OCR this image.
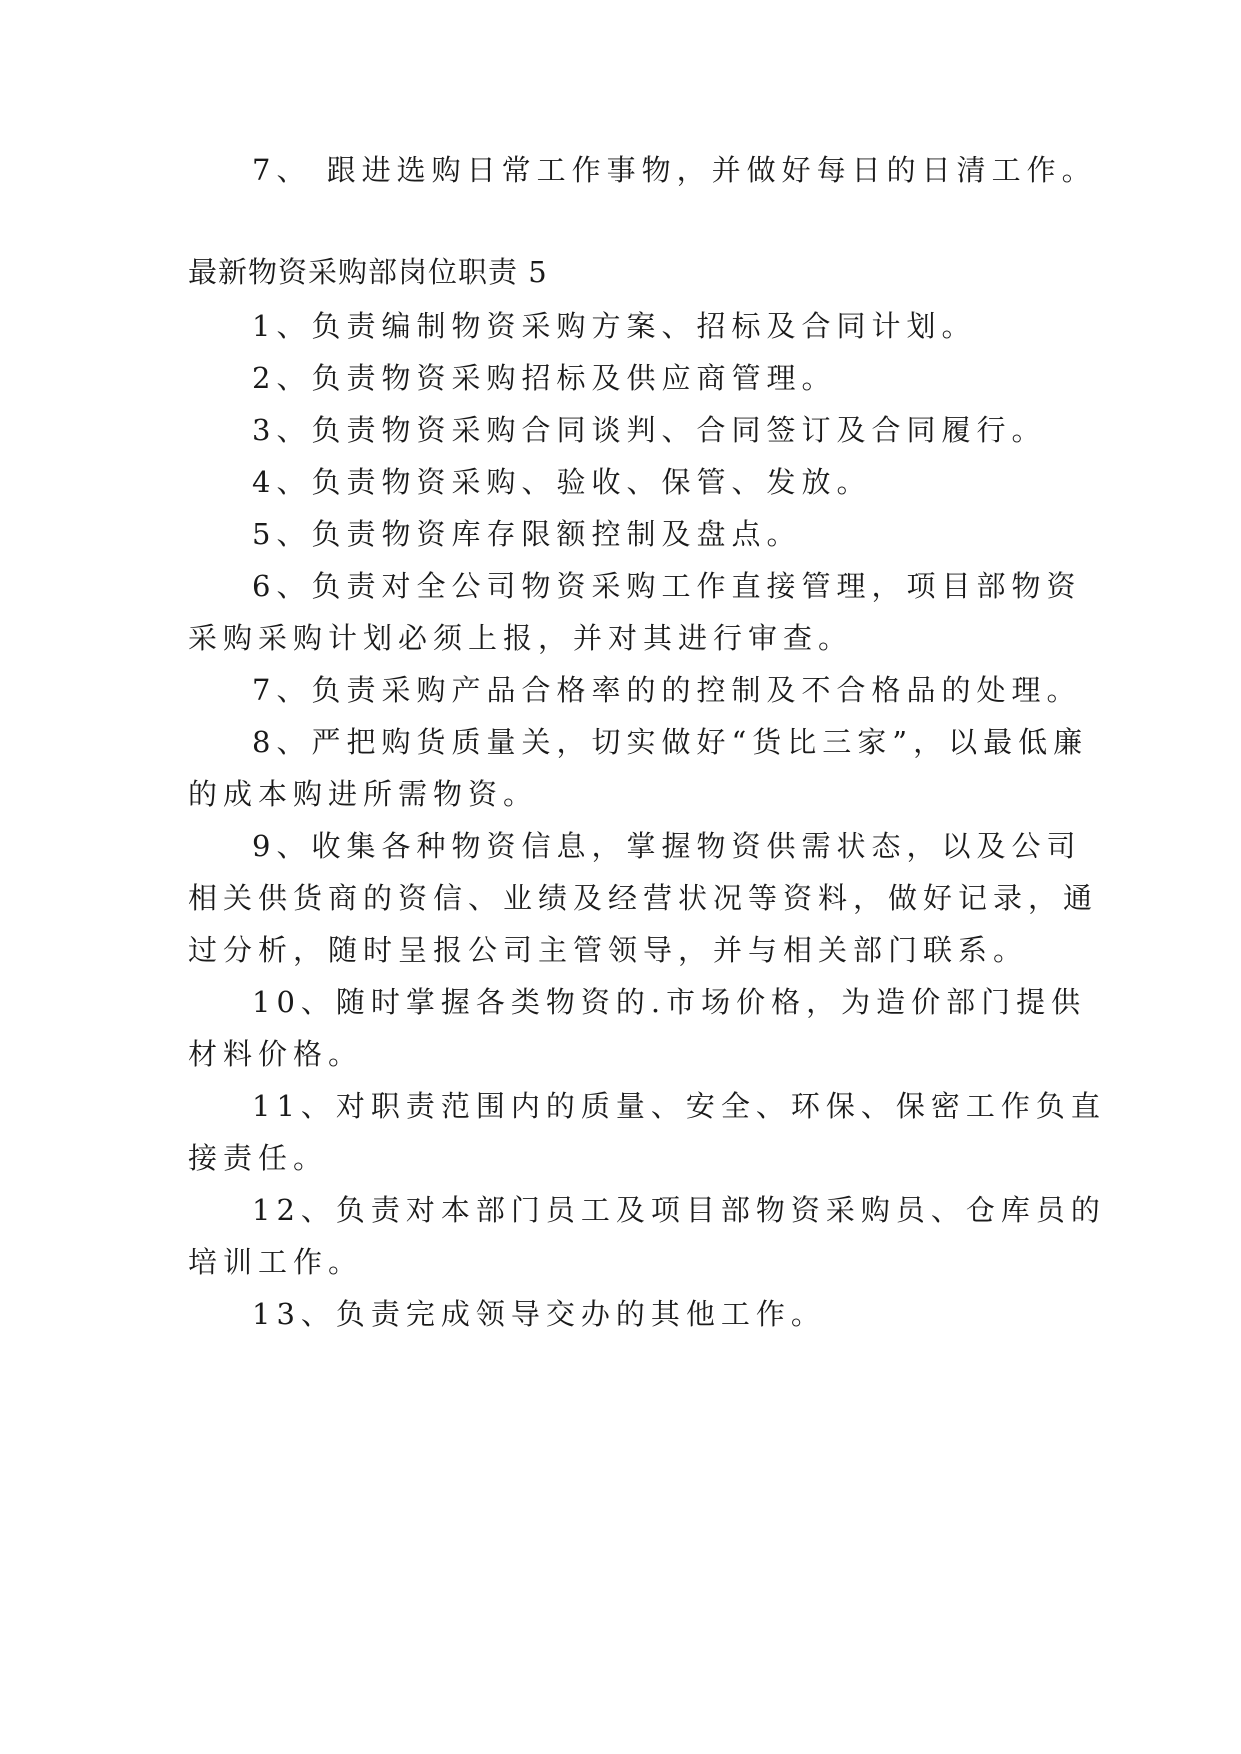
7、 跟进选购日常工作事物，并做好每日的日清工作。
最新物资采购部岗位职责 5
1、负责编制物资采购方案、招标及合同计划。
2、负责物资采购招标及供应商管理。
3、负责物资采购合同谈判、合同签订及合同履行。
4、负责物资采购、验收、保管、发放。
5、负责物资库存限额控制及盘点。
6、负责对全公司物资采购工作直接管理，项目部物资
采购采购计划必须上报，并对其进行审查。
7、负责采购产品合格率的的控制及不合格品的处理。
8、严把购货质量关，切实做好“货比三家”，以最低廉
的成本购进所需物资。
9、收集各种物资信息，掌握物资供需状态，以及公司
相关供货商的资信、业绩及经营状况等资料，做好记录，通
过分析，随时呈报公司主管领导，并与相关部门联系。
10、随时掌握各类物资的.市场价格，为造价部门提供
材料价格。
11、对职责范围内的质量、安全、环保、保密工作负直
接责任。
12、负责对本部门员工及项目部物资采购员、仓库员的
培训工作。
13、负责完成领导交办的其他工作。
